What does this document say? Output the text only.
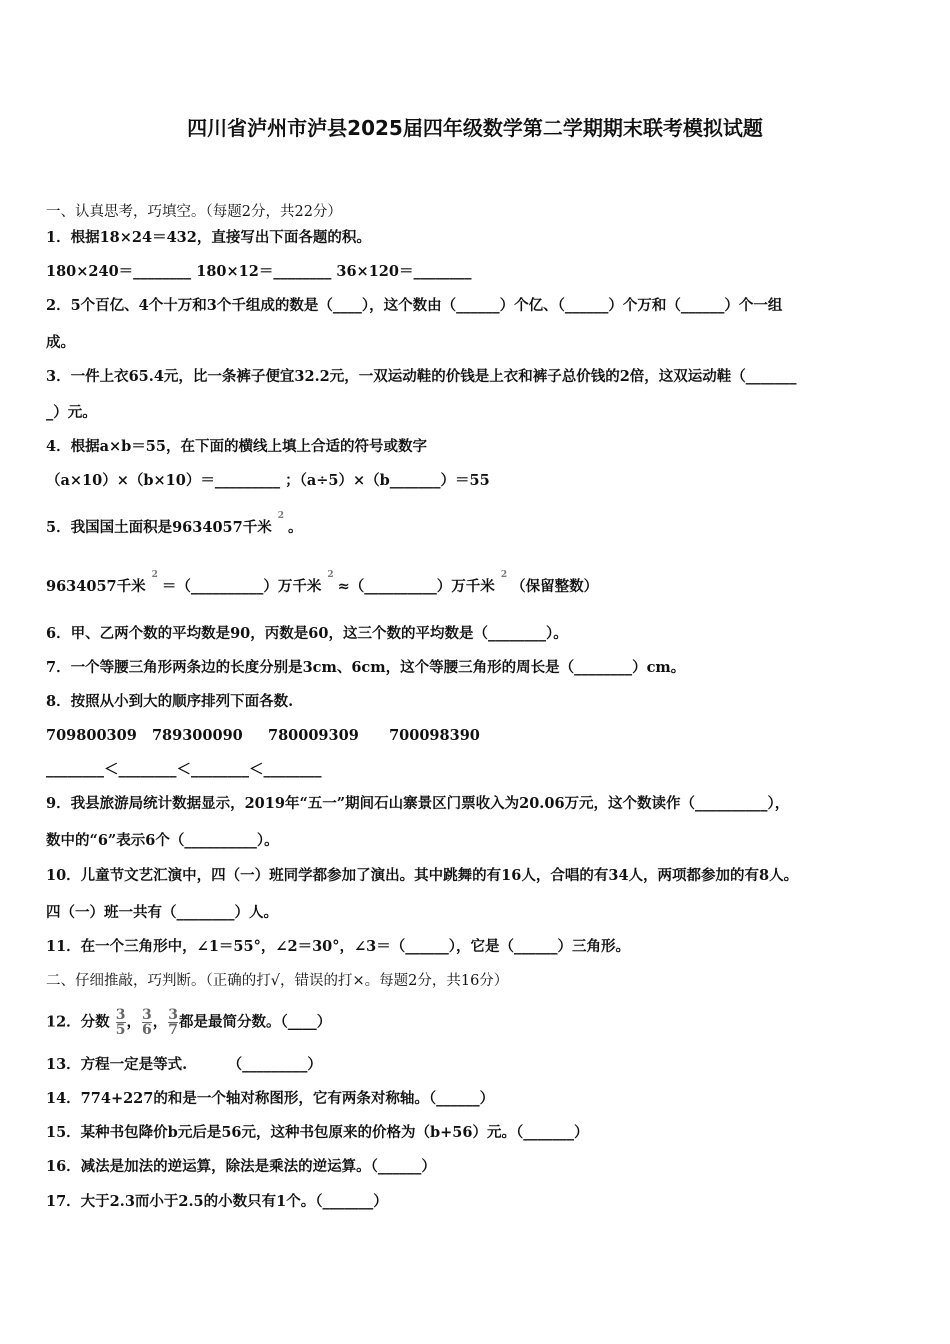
四川省泸州市泸县2025届四年级数学第二学期期末联考模拟试题
一、认真思考，巧填空。（每题2分，共22分）
1．根据18×24＝432，直接写出下面各题的积。
180×240＝________ 180×12＝________ 36×120＝________
2．5个百亿、4个十万和3个千组成的数是（____），这个数由（______）个亿、（______）个万和（______）个一组
成。
3．一件上衣65.4元，比一条裤子便宜32.2元，一双运动鞋的价钱是上衣和裤子总价钱的2倍，这双运动鞋（_______
_）元。
4．根据a×b＝55，在下面的横线上填上合适的符号或数字
（a×10）×（b×10）＝_________ ；（a÷5）×（b_______）＝55
5．我国国土面积是9634057千米$^2$。
9634057千米$^2$＝（__________）万千米$^2$≈（__________）万千米$^2$（保留整数）
6．甲、乙两个数的平均数是90，丙数是60，这三个数的平均数是（________）。
7．一个等腰三角形两条边的长度分别是3cm、6cm，这个等腰三角形的周长是（________）cm。
8．按照从小到大的顺序排列下面各数.
709800309   789300090     780009309      700098390
________＜________＜________＜________
9．我县旅游局统计数据显示，2019年“五一”期间石山寨景区门票收入为20.06万元，这个数读作（__________），
数中的“6”表示6个（__________）。
10．儿童节文艺汇演中，四（一）班同学都参加了演出。其中跳舞的有16人，合唱的有34人，两项都参加的有8人。
四（一）班一共有（________）人。
11．在一个三角形中，∠1＝55°，∠2＝30°，∠3＝（______），它是（______）三角形。
二、仔细推敲，巧判断。（正确的打√，错误的打×。每题2分，共16分）
12．分数 $\frac{3}{5}$ ， $\frac{3}{6}$ ， $\frac{3}{7}$ 都是最简分数。（____）
13．方程一定是等式.        （_________）
14．774+227的和是一个轴对称图形，它有两条对称轴。（______）
15．某种书包降价b元后是56元，这种书包原来的价格为（b+56）元。（_______）
16．减法是加法的逆运算，除法是乘法的逆运算。（______）
17．大于2.3而小于2.5的小数只有1个。（_______）
